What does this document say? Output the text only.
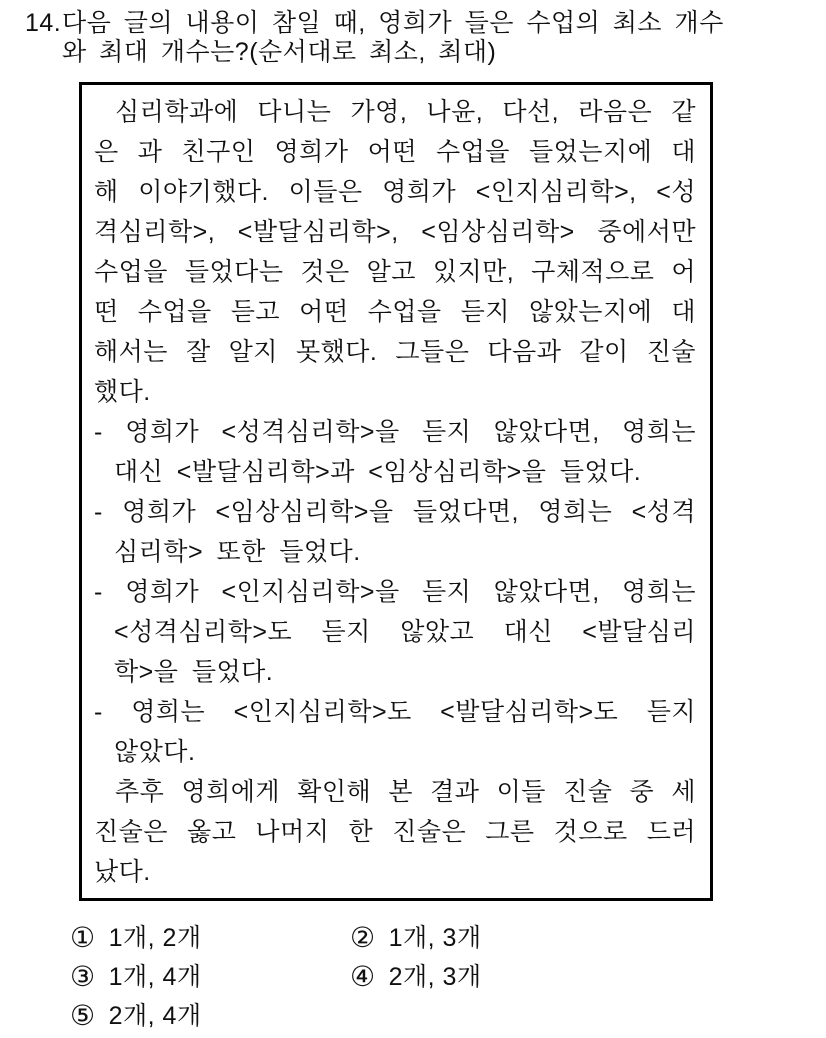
14. 다음 글의 내용이 참일 때, 영희가 들은 수업의 최소 개수
와 최대 개수는?(순서대로 최소, 최대)
심리학과에 다니는 가영, 나윤, 다선, 라음은 같
은 과 친구인 영희가 어떤 수업을 들었는지에 대
해 이야기했다. 이들은 영희가 <인지심리학>, <성
격심리학>, <발달심리학>, <임상심리학> 중에서만
수업을 들었다는 것은 알고 있지만, 구체적으로 어
떤 수업을 듣고 어떤 수업을 듣지 않았는지에 대
해서는 잘 알지 못했다. 그들은 다음과 같이 진술
했다.
- 영희가 <성격심리학>을 듣지 않았다면, 영희는
대신 <발달심리학>과 <임상심리학>을 들었다.
- 영희가 <임상심리학>을 들었다면, 영희는 <성격
심리학> 또한 들었다.
- 영희가 <인지심리학>을 듣지 않았다면, 영희는
<성격심리학>도 듣지 않았고 대신 <발달심리
학>을 들었다.
- 영희는 <인지심리학>도 <발달심리학>도 듣지
않았다.
추후 영희에게 확인해 본 결과 이들 진술 중 세
진술은 옳고 나머지 한 진술은 그른 것으로 드러
났다.
① 1개, 2개	② 1개, 3개
③ 1개, 4개	④ 2개, 3개
⑤ 2개, 4개
